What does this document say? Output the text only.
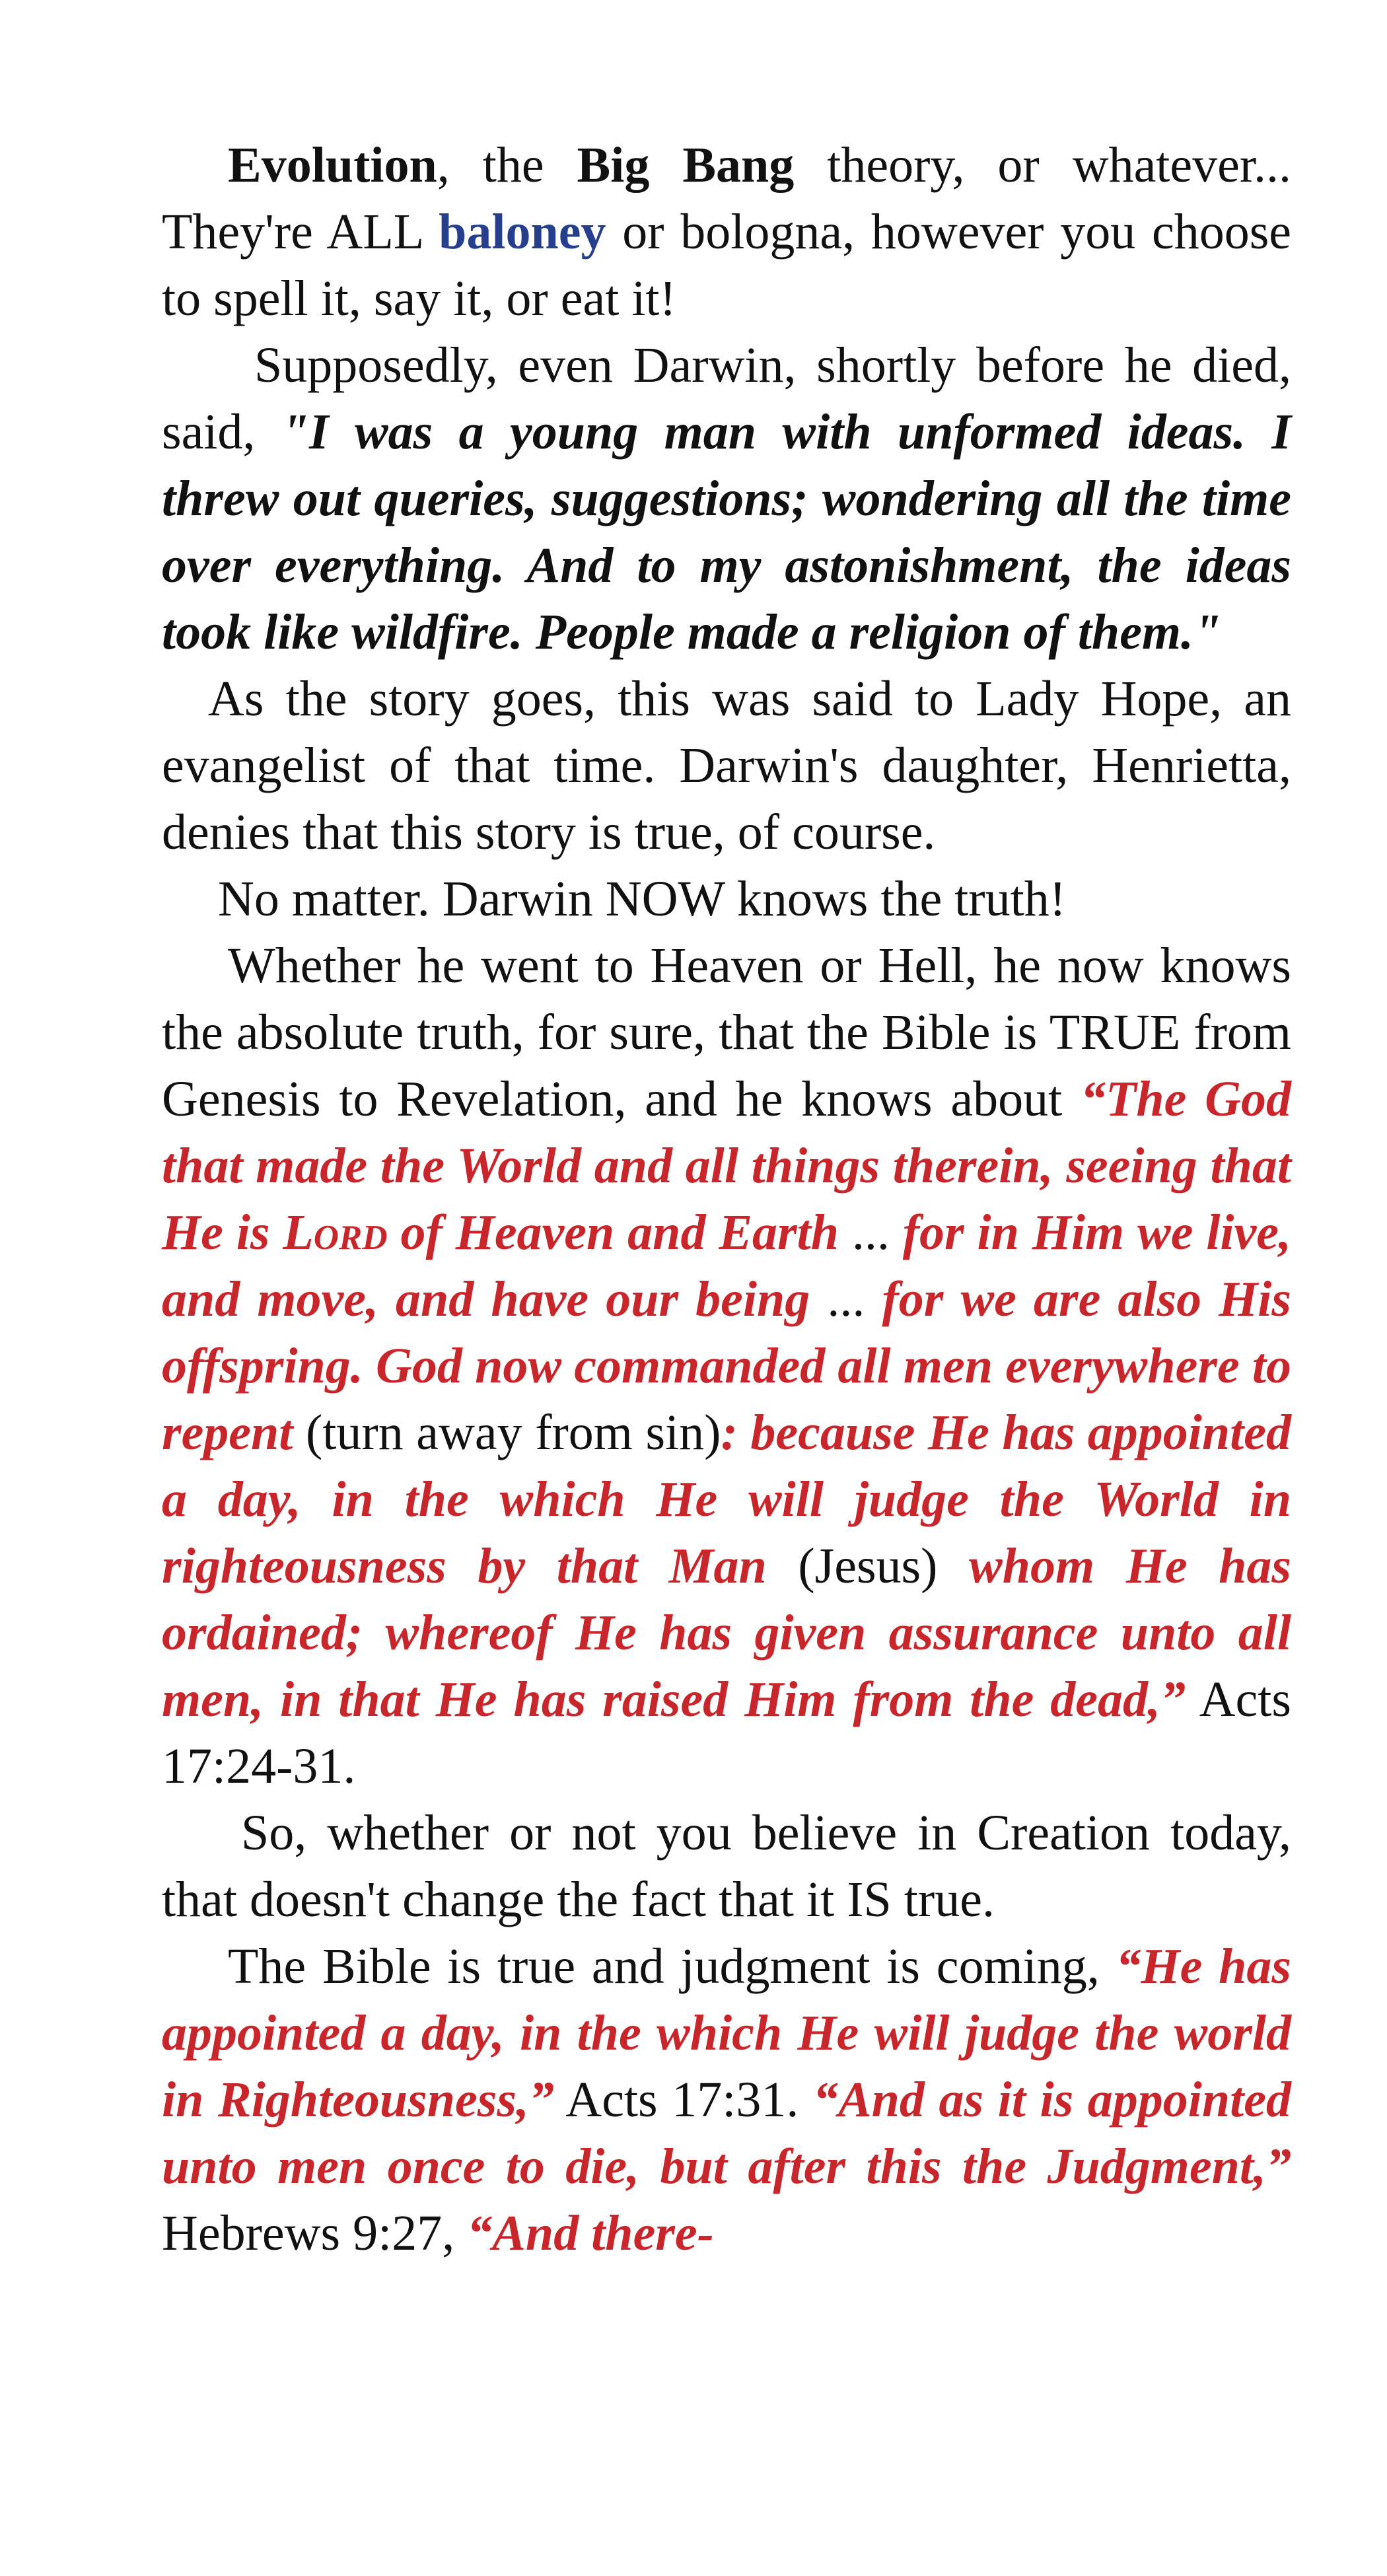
Evolution, the Big Bang theory, or whatever... They're ALL baloney or bologna, however you choose to spell it, say it, or eat it!

Supposedly, even Darwin, shortly before he died, said, "I was a young man with unformed ideas. I threw out queries, suggestions; wondering all the time over everything. And to my astonishment, the ideas took like wildfire. People made a religion of them."

As the story goes, this was said to Lady Hope, an evangelist of that time. Darwin's daughter, Henrietta, denies that this story is true, of course.

No matter. Darwin NOW knows the truth!

Whether he went to Heaven or Hell, he now knows the absolute truth, for sure, that the Bible is TRUE from Genesis to Revelation, and he knows about “The God that made the World and all things therein, seeing that He is Lord of Heaven and Earth ... for in Him we live, and move, and have our being ... for we are also His offspring. God now commanded all men everywhere to repent (turn away from sin): because He has appointed a day, in the which He will judge the World in righteousness by that Man (Jesus) whom He has ordained; whereof He has given assurance unto all men, in that He has raised Him from the dead,” Acts 17:24-31.

So, whether or not you believe in Creation today, that doesn't change the fact that it IS true.

The Bible is true and judgment is coming, “He has appointed a day, in the which He will judge the world in Righteousness,” Acts 17:31. “And as it is appointed unto men once to die, but after this the Judgment,” Hebrews 9:27, “And there-
